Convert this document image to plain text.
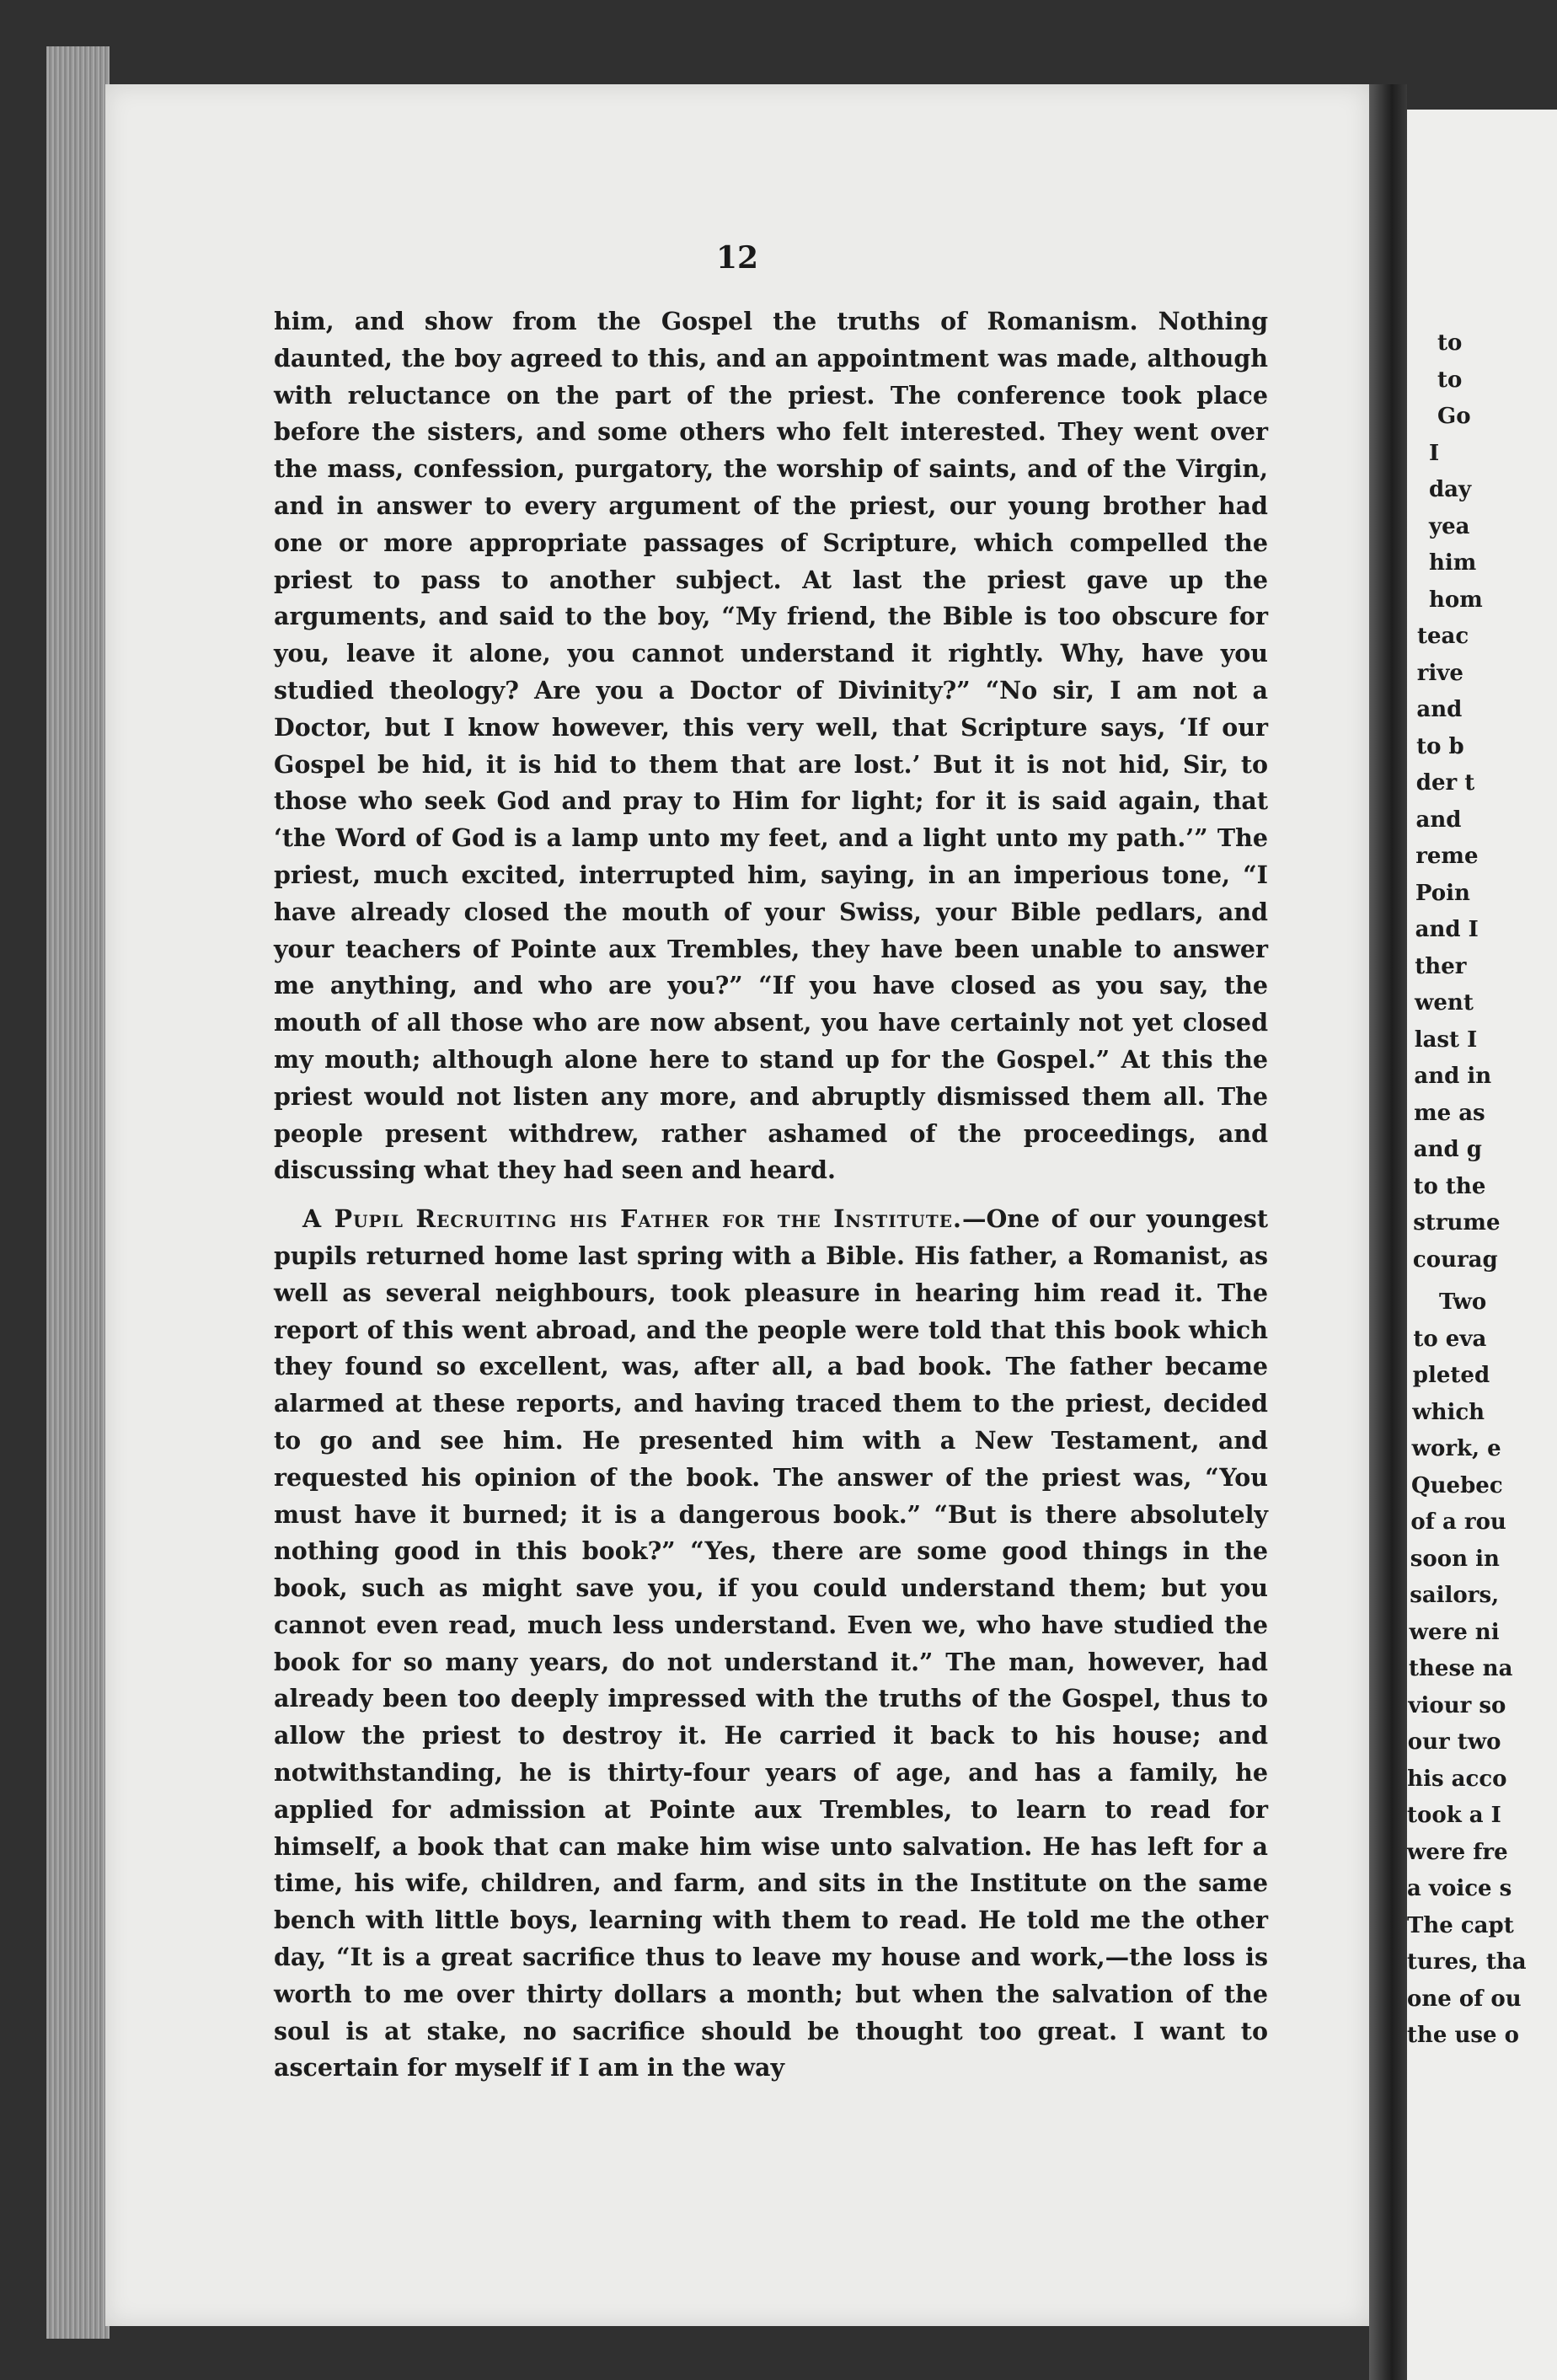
12

him, and show from the Gospel the truths of Romanism. Nothing daunted, the boy agreed to this, and an appointment was made, although with reluctance on the part of the priest. The conference took place before the sisters, and some others who felt interested. They went over the mass, confession, purgatory, the worship of saints, and of the Virgin, and in answer to every argument of the priest, our young brother had one or more appropriate passages of Scripture, which compelled the priest to pass to another subject. At last the priest gave up the arguments, and said to the boy, “My friend, the Bible is too obscure for you, leave it alone, you cannot understand it rightly. Why, have you studied theology? Are you a Doctor of Divinity?” “No sir, I am not a Doctor, but I know however, this very well, that Scripture says, ‘If our Gospel be hid, it is hid to them that are lost.’ But it is not hid, Sir, to those who seek God and pray to Him for light; for it is said again, that ‘the Word of God is a lamp unto my feet, and a light unto my path.’” The priest, much excited, interrupted him, saying, in an imperious tone, “I have already closed the mouth of your Swiss, your Bible pedlars, and your teachers of Pointe aux Trembles, they have been unable to answer me anything, and who are you?” “If you have closed as you say, the mouth of all those who are now absent, you have certainly not yet closed my mouth; although alone here to stand up for the Gospel.” At this the priest would not listen any more, and abruptly dismissed them all. The people present withdrew, rather ashamed of the proceedings, and discussing what they had seen and heard.

A Pupil Recruiting his Father for the Institute.—One of our youngest pupils returned home last spring with a Bible. His father, a Romanist, as well as several neighbours, took pleasure in hearing him read it. The report of this went abroad, and the people were told that this book which they found so excellent, was, after all, a bad book. The father became alarmed at these reports, and having traced them to the priest, decided to go and see him. He presented him with a New Testament, and requested his opinion of the book. The answer of the priest was, “You must have it burned; it is a dangerous book.” “But is there absolutely nothing good in this book?” “Yes, there are some good things in the book, such as might save you, if you could understand them; but you cannot even read, much less understand. Even we, who have studied the book for so many years, do not understand it.” The man, however, had already been too deeply impressed with the truths of the Gospel, thus to allow the priest to destroy it. He carried it back to his house; and notwithstanding, he is thirty-four years of age, and has a family, he applied for admission at Pointe aux Trembles, to learn to read for himself, a book that can make him wise unto salvation. He has left for a time, his wife, children, and farm, and sits in the Institute on the same bench with little boys, learning with them to read. He told me the other day, “It is a great sacrifice thus to leave my house and work,—the loss is worth to me over thirty dollars a month; but when the salvation of the soul is at stake, no sacrifice should be thought too great. I want to ascertain for myself if I am in the way

to
to
Go
I
day
yea
him
hom
teac
rive
and
to b
der t
and
reme
Poin
and I
ther
went
last I
and in
me as
and g
to the
strume
courag
Two
to eva
pleted
which
work, e
Quebec
of a rou
soon in
sailors,
were ni
these na
viour so
our two
his acco
took a I
were fre
a voice s
The capt
tures, tha
one of ou
the use o
